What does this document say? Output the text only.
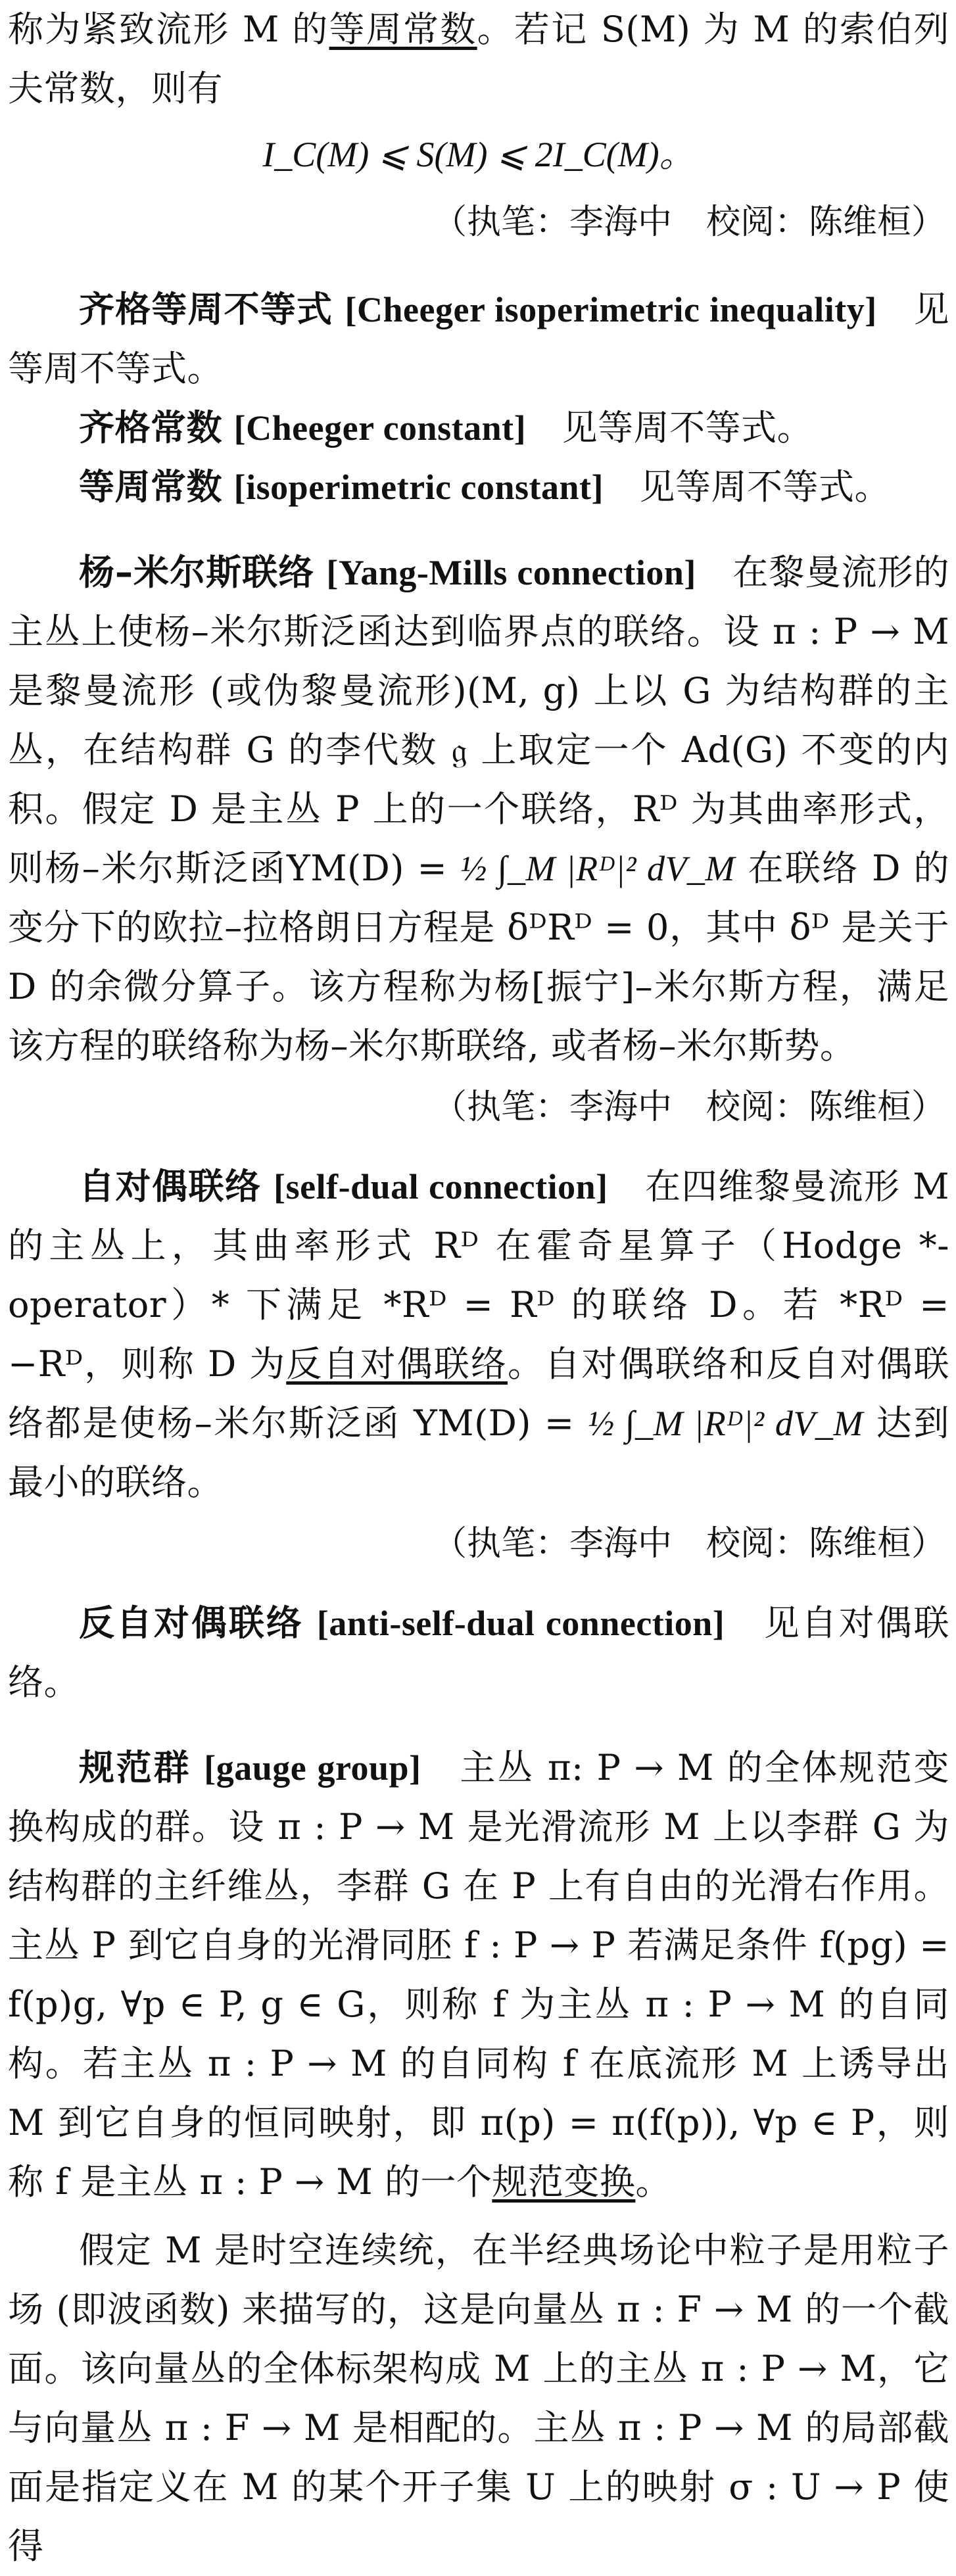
称为紧致流形 M 的等周常数。若记 S(M) 为 M 的索伯列夫常数，则有

I_C(M) ⩽ S(M) ⩽ 2I_C(M)。

（执笔：李海中　校阅：陈维桓）

齐格等周不等式 [Cheeger isoperimetric inequality]　见等周不等式。

齐格常数 [Cheeger constant]　见等周不等式。

等周常数 [isoperimetric constant]　见等周不等式。

杨–米尔斯联络 [Yang-Mills connection]　在黎曼流形的主丛上使杨–米尔斯泛函达到临界点的联络。设 π : P → M 是黎曼流形 (或伪黎曼流形)(M, g) 上以 G 为结构群的主丛，在结构群 G 的李代数 𝔤 上取定一个 Ad(G) 不变的内积。假定 D 是主丛 P 上的一个联络，Rᴰ 为其曲率形式，则杨–米尔斯泛函YM(D) = ½ ∫_M |Rᴰ|² dV_M 在联络 D 的变分下的欧拉–拉格朗日方程是 δᴰRᴰ = 0，其中 δᴰ 是关于 D 的余微分算子。该方程称为杨[振宁]–米尔斯方程，满足该方程的联络称为杨–米尔斯联络, 或者杨–米尔斯势。

（执笔：李海中　校阅：陈维桓）

自对偶联络 [self-dual connection]　在四维黎曼流形 M 的主丛上，其曲率形式 Rᴰ 在霍奇星算子（Hodge *-operator）* 下满足 *Rᴰ = Rᴰ 的联络 D。若 *Rᴰ = −Rᴰ，则称 D 为反自对偶联络。自对偶联络和反自对偶联络都是使杨–米尔斯泛函 YM(D) = ½ ∫_M |Rᴰ|² dV_M 达到最小的联络。

（执笔：李海中　校阅：陈维桓）

反自对偶联络 [anti-self-dual connection]　见自对偶联络。

规范群 [gauge group]　主丛 π: P → M 的全体规范变换构成的群。设 π : P → M 是光滑流形 M 上以李群 G 为结构群的主纤维丛，李群 G 在 P 上有自由的光滑右作用。主丛 P 到它自身的光滑同胚 f : P → P 若满足条件 f(pg) = f(p)g, ∀p ∈ P, g ∈ G，则称 f 为主丛 π : P → M 的自同构。若主丛 π : P → M 的自同构 f 在底流形 M 上诱导出 M 到它自身的恒同映射，即 π(p) = π(f(p)), ∀p ∈ P，则称 f 是主丛 π : P → M 的一个规范变换。

假定 M 是时空连续统，在半经典场论中粒子是用粒子场 (即波函数) 来描写的，这是向量丛 π : F → M 的一个截面。该向量丛的全体标架构成 M 上的主丛 π : P → M，它与向量丛 π : F → M 是相配的。主丛 π : P → M 的局部截面是指定义在 M 的某个开子集 U 上的映射 σ : U → P 使得
